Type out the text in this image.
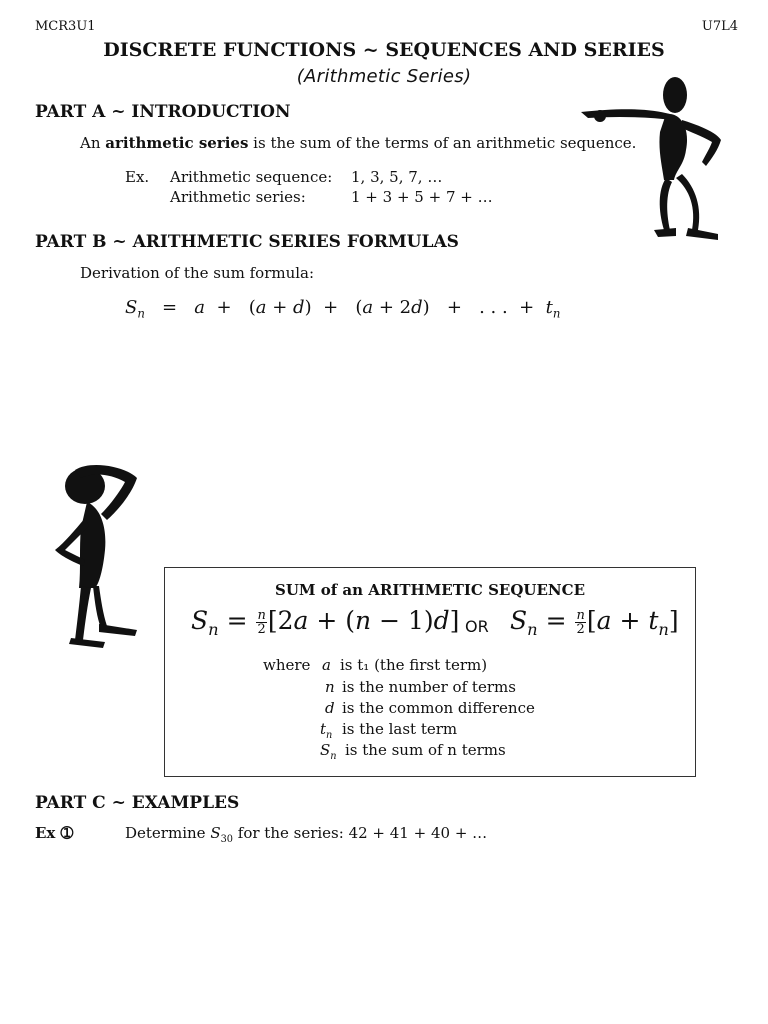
MCR3U1	U7L4
DISCRETE FUNCTIONS ~ SEQUENCES AND SERIES
(Arithmetic Series)
PART A ~ INTRODUCTION
An arithmetic series is the sum of the terms of an arithmetic sequence.
Ex. Arithmetic sequence: 1, 3, 5, 7, …
Arithmetic series:	1 + 3 + 5 + 7 + …
PART B ~ ARITHMETIC SERIES FORMULAS
Derivation of the sum formula:
$S_n = a + (a + d) + (a + 2d)$ +   . . .  +  $t_n$
SUM of an ARITHMETIC SEQUENCE
$S_n = \frac{n}{2} [2a + (n - 1)d]$ OR $S_n = \frac{n}{2} [a + t_n]$
where a is t₁ (the first term)
n is the number of terms
d is the common difference
$t_n$ is the last term
$S_n$ is the sum of n terms
PART C ~ EXAMPLES
Ex ➀	Determine $S_{30}$ for the series: 42 + 41 + 40 + …
